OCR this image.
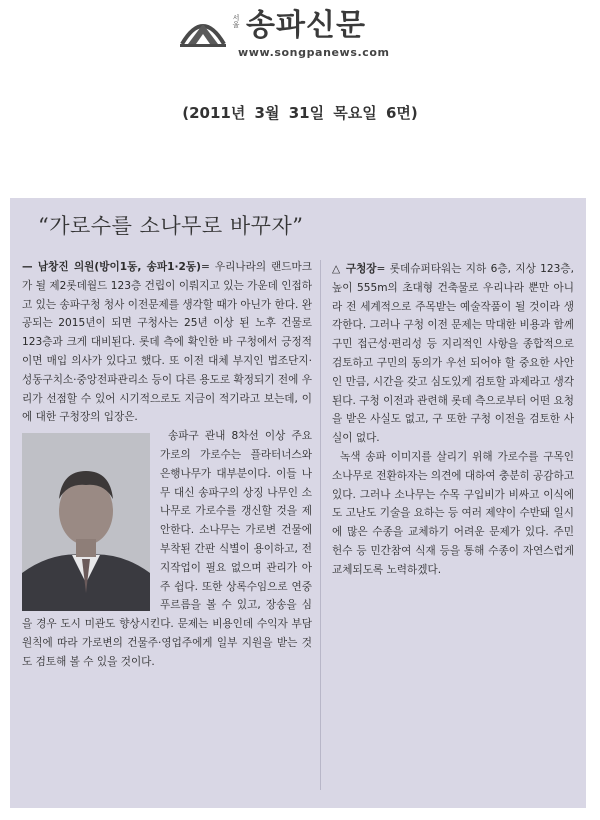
서울 송파신문
www.songpanews.com
(2011년 3월 31일 목요일 6면)
“가로수를 소나무로 바꾸자”

— 남창진 의원(방이1동, 송파1·2동)= 우리나라의 랜드마크가 될 제2롯데월드 123층 건립이 이뤄지고 있는 가운데 인접하고 있는 송파구청 청사 이전문제를 생각할 때가 아닌가 한다. 완공되는 2015년이 되면 구청사는 25년 이상 된 노후 건물로 123층과 크게 대비된다. 롯데 측에 확인한 바 구청에서 긍정적이면 매입 의사가 있다고 했다. 또 이전 대체 부지인 법조단지·성동구치소·중앙전파관리소 등이 다른 용도로 확정되기 전에 우리가 선점할 수 있어 시기적으로도 지금이 적기라고 보는데, 이에 대한 구청장의 입장은.

송파구 관내 8차선 이상 주요 가로의 가로수는 플라터너스와 은행나무가 대부분이다. 이들 나무 대신 송파구의 상징 나무인 소나무로 가로수를 갱신할 것을 제안한다. 소나무는 가로변 건물에 부착된 간판 식별이 용이하고, 전지작업이 필요 없으며 관리가 아주 쉽다. 또한 상록수임으로 연중 푸르름을 볼 수 있고, 장송을 심을 경우 도시 미관도 향상시킨다. 문제는 비용인데 수익자 부담원칙에 따라 가로변의 건물주·영업주에게 일부 지원을 받는 것도 검토해 볼 수 있을 것이다.

△ 구청장= 롯데슈퍼타워는 지하 6층, 지상 123층, 높이 555m의 초대형 건축물로 우리나라 뿐만 아니라 전 세계적으로 주목받는 예술작품이 될 것이라 생각한다. 그러나 구청 이전 문제는 막대한 비용과 함께 구민 접근성·편리성 등 지리적인 사항을 종합적으로 검토하고 구민의 동의가 우선 되어야 할 중요한 사안인 만큼, 시간을 갖고 심도있게 검토할 과제라고 생각된다. 구청 이전과 관련해 롯데 측으로부터 어떤 요청을 받은 사실도 없고, 구 또한 구청 이전을 검토한 사실이 없다.

녹색 송파 이미지를 살리기 위해 가로수를 구목인 소나무로 전환하자는 의견에 대하여 충분히 공감하고 있다. 그러나 소나무는 수목 구입비가 비싸고 이식에도 고난도 기술을 요하는 등 여러 제약이 수반돼 일시에 많은 수종을 교체하기 어려운 문제가 있다. 주민 헌수 등 민간참여 식재 등을 통해 수종이 자연스럽게 교체되도록 노력하겠다.
